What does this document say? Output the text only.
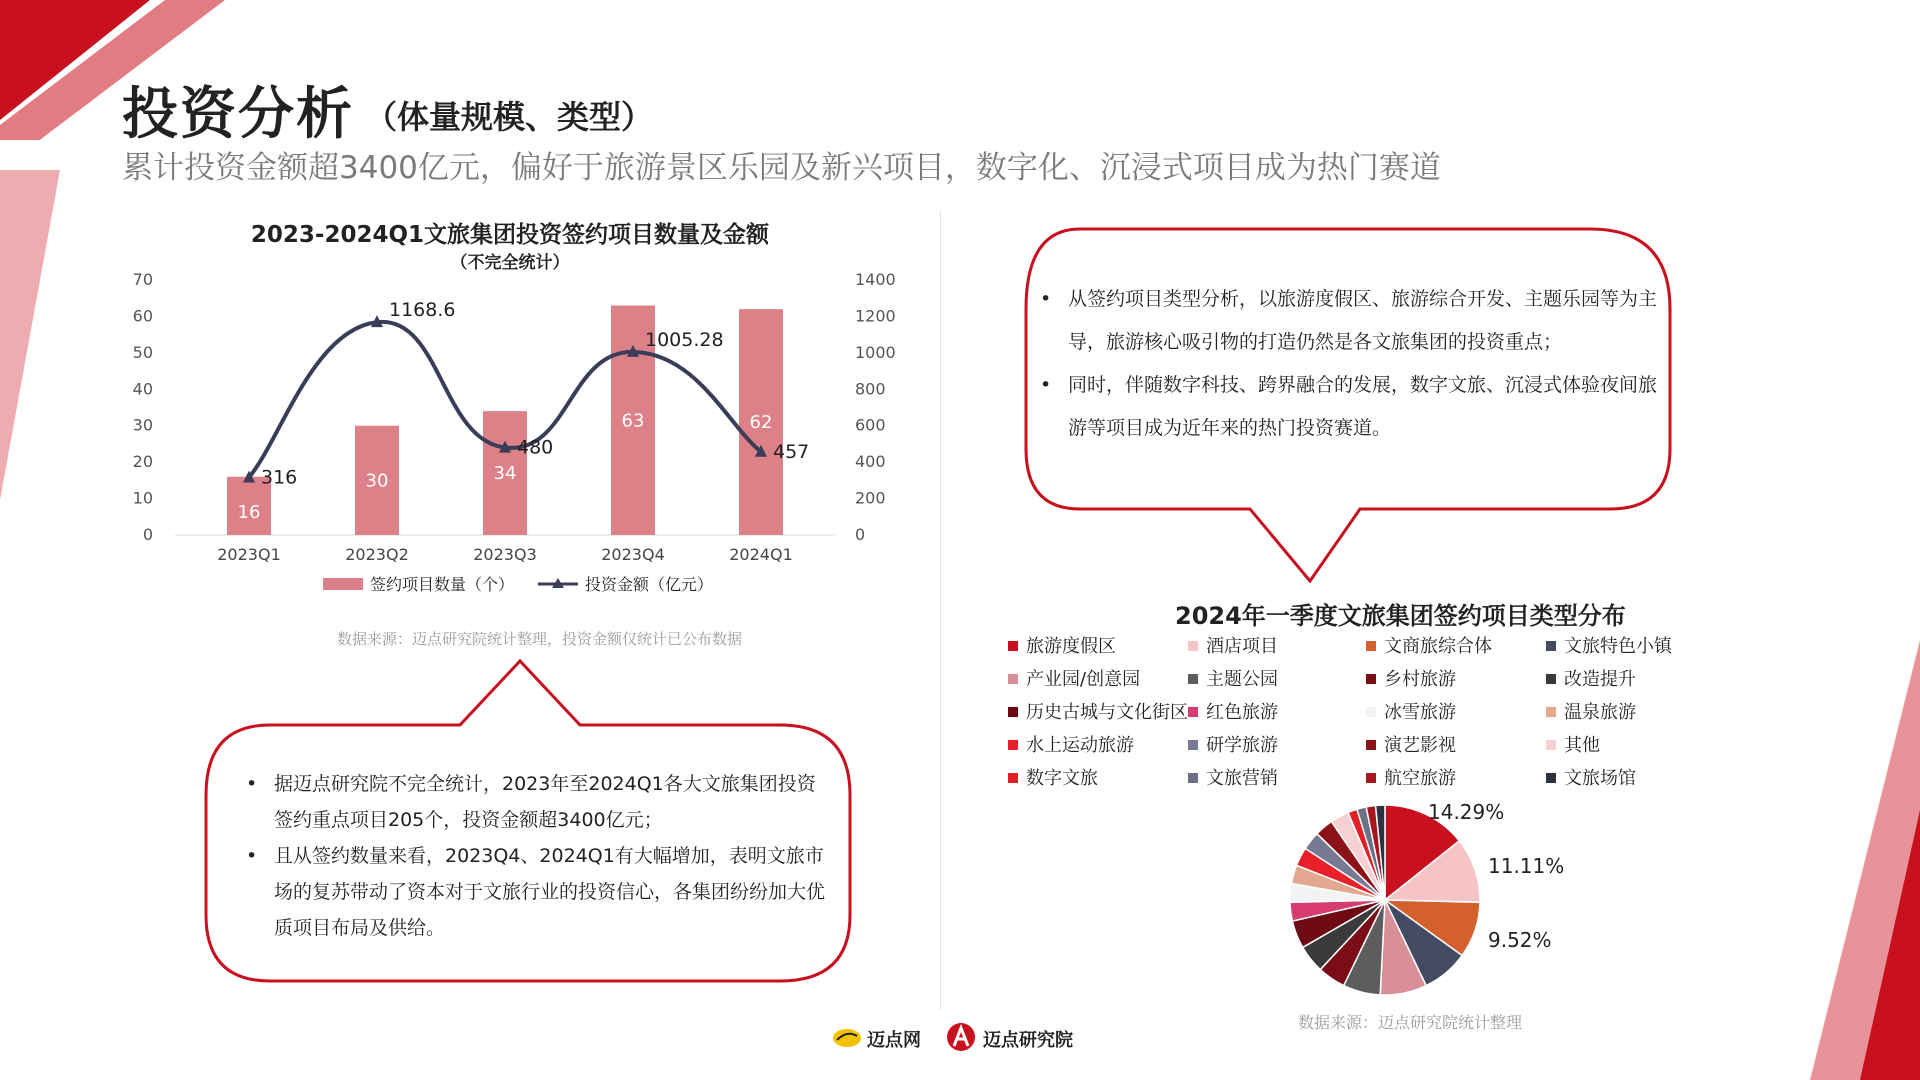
投资分析 （体量规模、类型）
累计投资金额超3400亿元，偏好于旅游景区乐园及新兴项目，数字化、沉浸式项目成为热门赛道
2023-2024Q1文旅集团投资签约项目数量及金额
（不完全统计）
0
10
20
30
40
50
60
70
0
200
400
600
800
1000
1200
1400
2023Q1	2023Q2	2023Q3	2023Q4	2024Q1
16
30	34
63	62
316
1168.6
480
1005.28
457
签约项目数量（个）	投资金额（亿元）
数据来源：迈点研究院统计整理，投资金额仅统计已公布数据
• 从签约项目类型分析，以旅游度假区、旅游综合开发、主题乐园等为主导，旅游核心吸引物的打造仍然是各文旅集团的投资重点；
• 同时，伴随数字科技、跨界融合的发展，数字文旅、沉浸式体验夜间旅游等项目成为近年来的热门投资赛道。
• 据迈点研究院不完全统计，2023年至2024Q1各大文旅集团投资签约重点项目205个，投资金额超3400亿元；
• 且从签约数量来看，2023Q4、2024Q1有大幅增加，表明文旅市场的复苏带动了资本对于文旅行业的投资信心，各集团纷纷加大优质项目布局及供给。
2024年一季度文旅集团签约项目类型分布
旅游度假区	酒店项目	文商旅综合体	文旅特色小镇
产业园/创意园	主题公园	乡村旅游	改造提升
历史古城与文化街区	红色旅游	冰雪旅游	温泉旅游
水上运动旅游	研学旅游	演艺影视	其他
数字文旅	文旅营销	航空旅游	文旅场馆
14.29%
11.11%
9.52%
数据来源：迈点研究院统计整理
迈点网	迈点研究院
